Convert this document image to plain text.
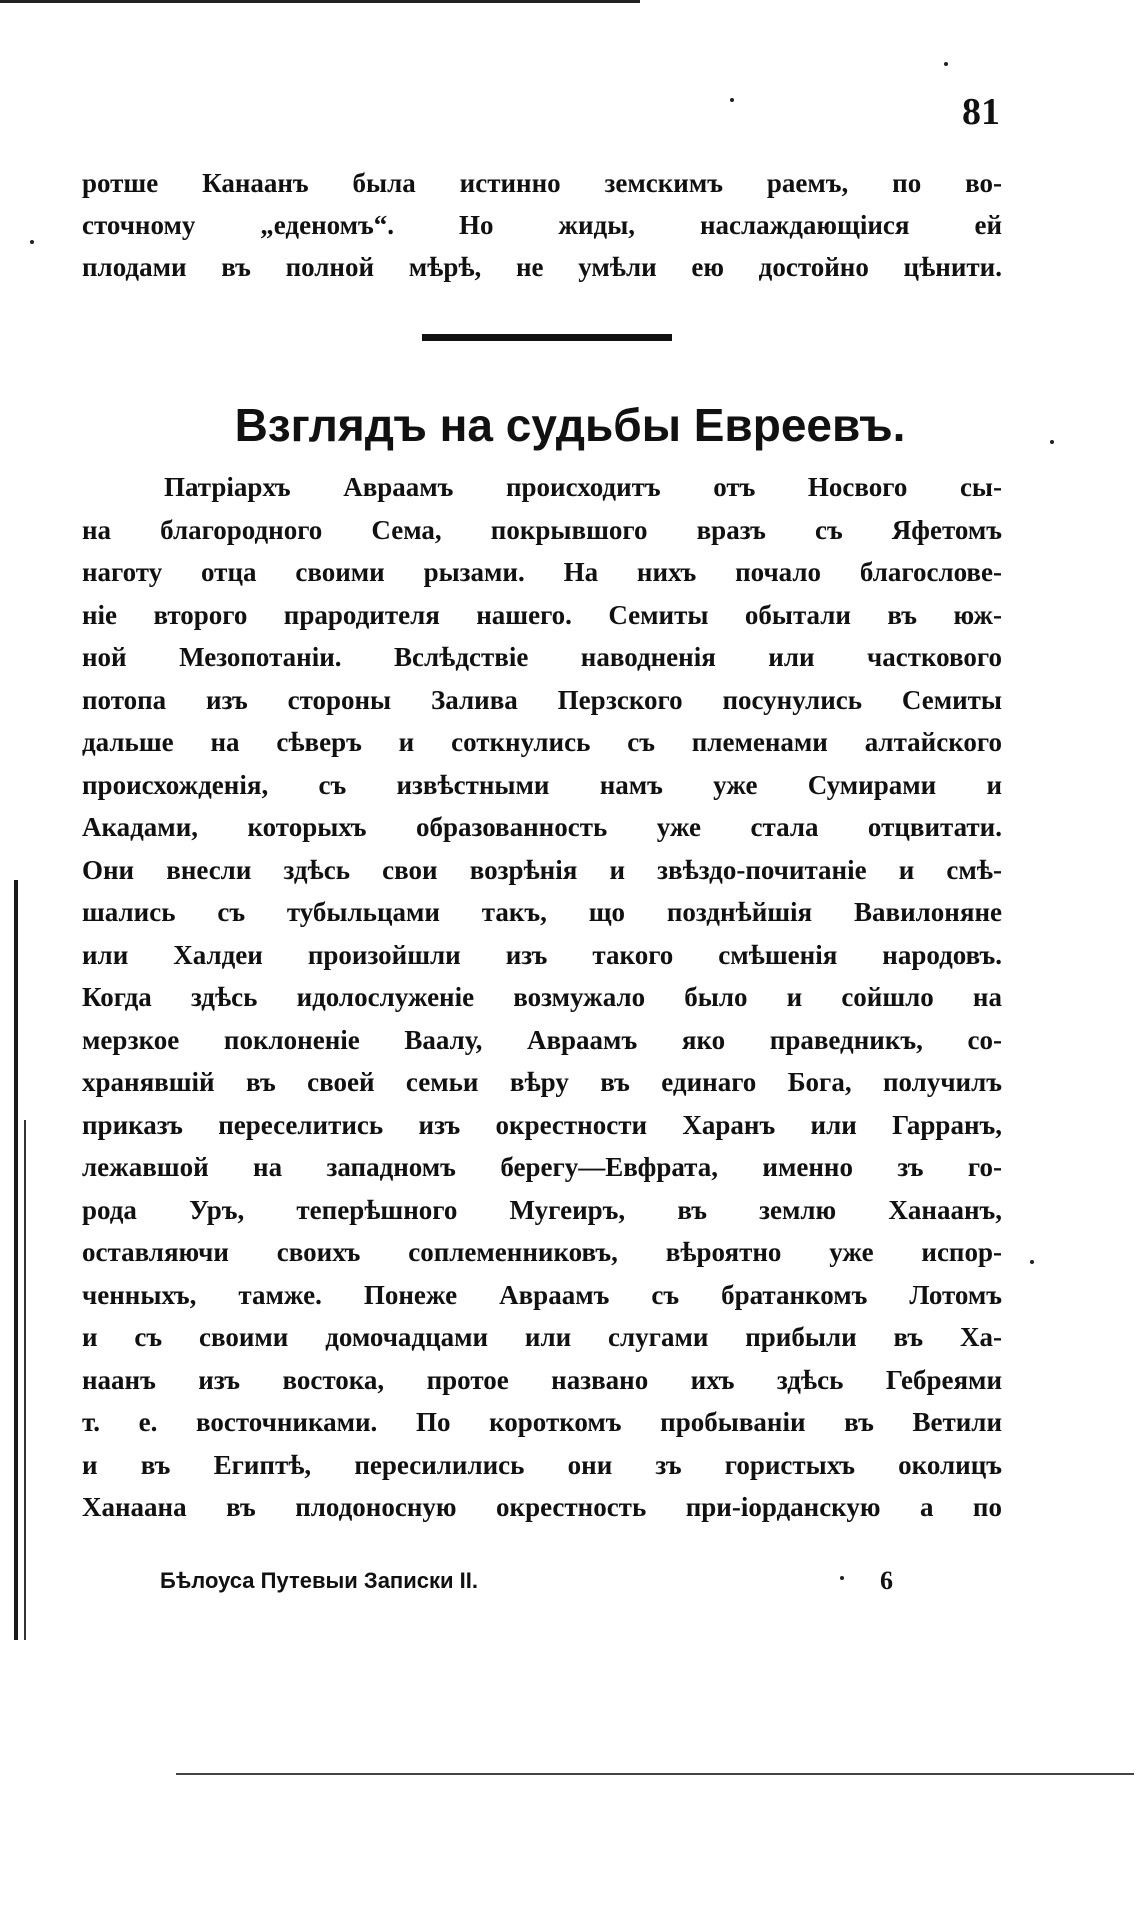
81
ротше Канаанъ была истинно земскимъ раемъ, по во-
сточному „еденомъ“. Но жиды, наслаждающіися ей
плодами въ полной мѣрѣ, не умѣли ею достойно цѣнити.
Взглядъ на судьбы Евреевъ.
Патріархъ Авраамъ происходитъ отъ Носвого сы-
на благородного Сема, покрывшого вразъ съ Яфетомъ
наготу отца своими рызами. На нихъ почало благослове-
ніе второго прародителя нашего. Семиты обытали въ юж-
ной Мезопотаніи. Вслѣдствіе наводненія или часткового
потопа изъ стороны Залива Перзского посунулись Семиты
дальше на сѣверъ и соткнулись съ племенами алтайского
происхожденія, съ извѣстными намъ уже Сумирами и
Акадами, которыхъ образованность уже стала отцвитати.
Они внесли здѣсь свои возрѣнія и звѣздо-почитаніе и смѣ-
шались съ тубыльцами такъ, що позднѣйшія Вавилоняне
или Халдеи произойшли изъ такого смѣшенія народовъ.
Когда здѣсь идолослуженіе возмужало было и сойшло на
мерзкое поклоненіе Ваалу, Авраамъ яко праведникъ, со-
хранявшій въ своей семьи вѣру въ единаго Бога, получилъ
приказъ переселитись изъ окрестности Харанъ или Гарранъ,
лежавшой на западномъ берегу—Евфрата, именно зъ го-
рода Уръ, теперѣшного Мугеиръ, въ землю Ханаанъ,
оставляючи своихъ соплеменниковъ, вѣроятно уже испор-
ченныхъ, тамже. Понеже Авраамъ съ братанкомъ Лотомъ
и съ своими домочадцами или слугами прибыли въ Ха-
наанъ изъ востока, протое названо ихъ здѣсь Гебреями
т. е. восточниками. По короткомъ пробываніи въ Ветили
и въ Египтѣ, пересилились они зъ гористыхъ околицъ
Ханаана въ плодоносную окрестность при-іорданскую а по
Бѣлоуса Путевыи Записки II.	6
